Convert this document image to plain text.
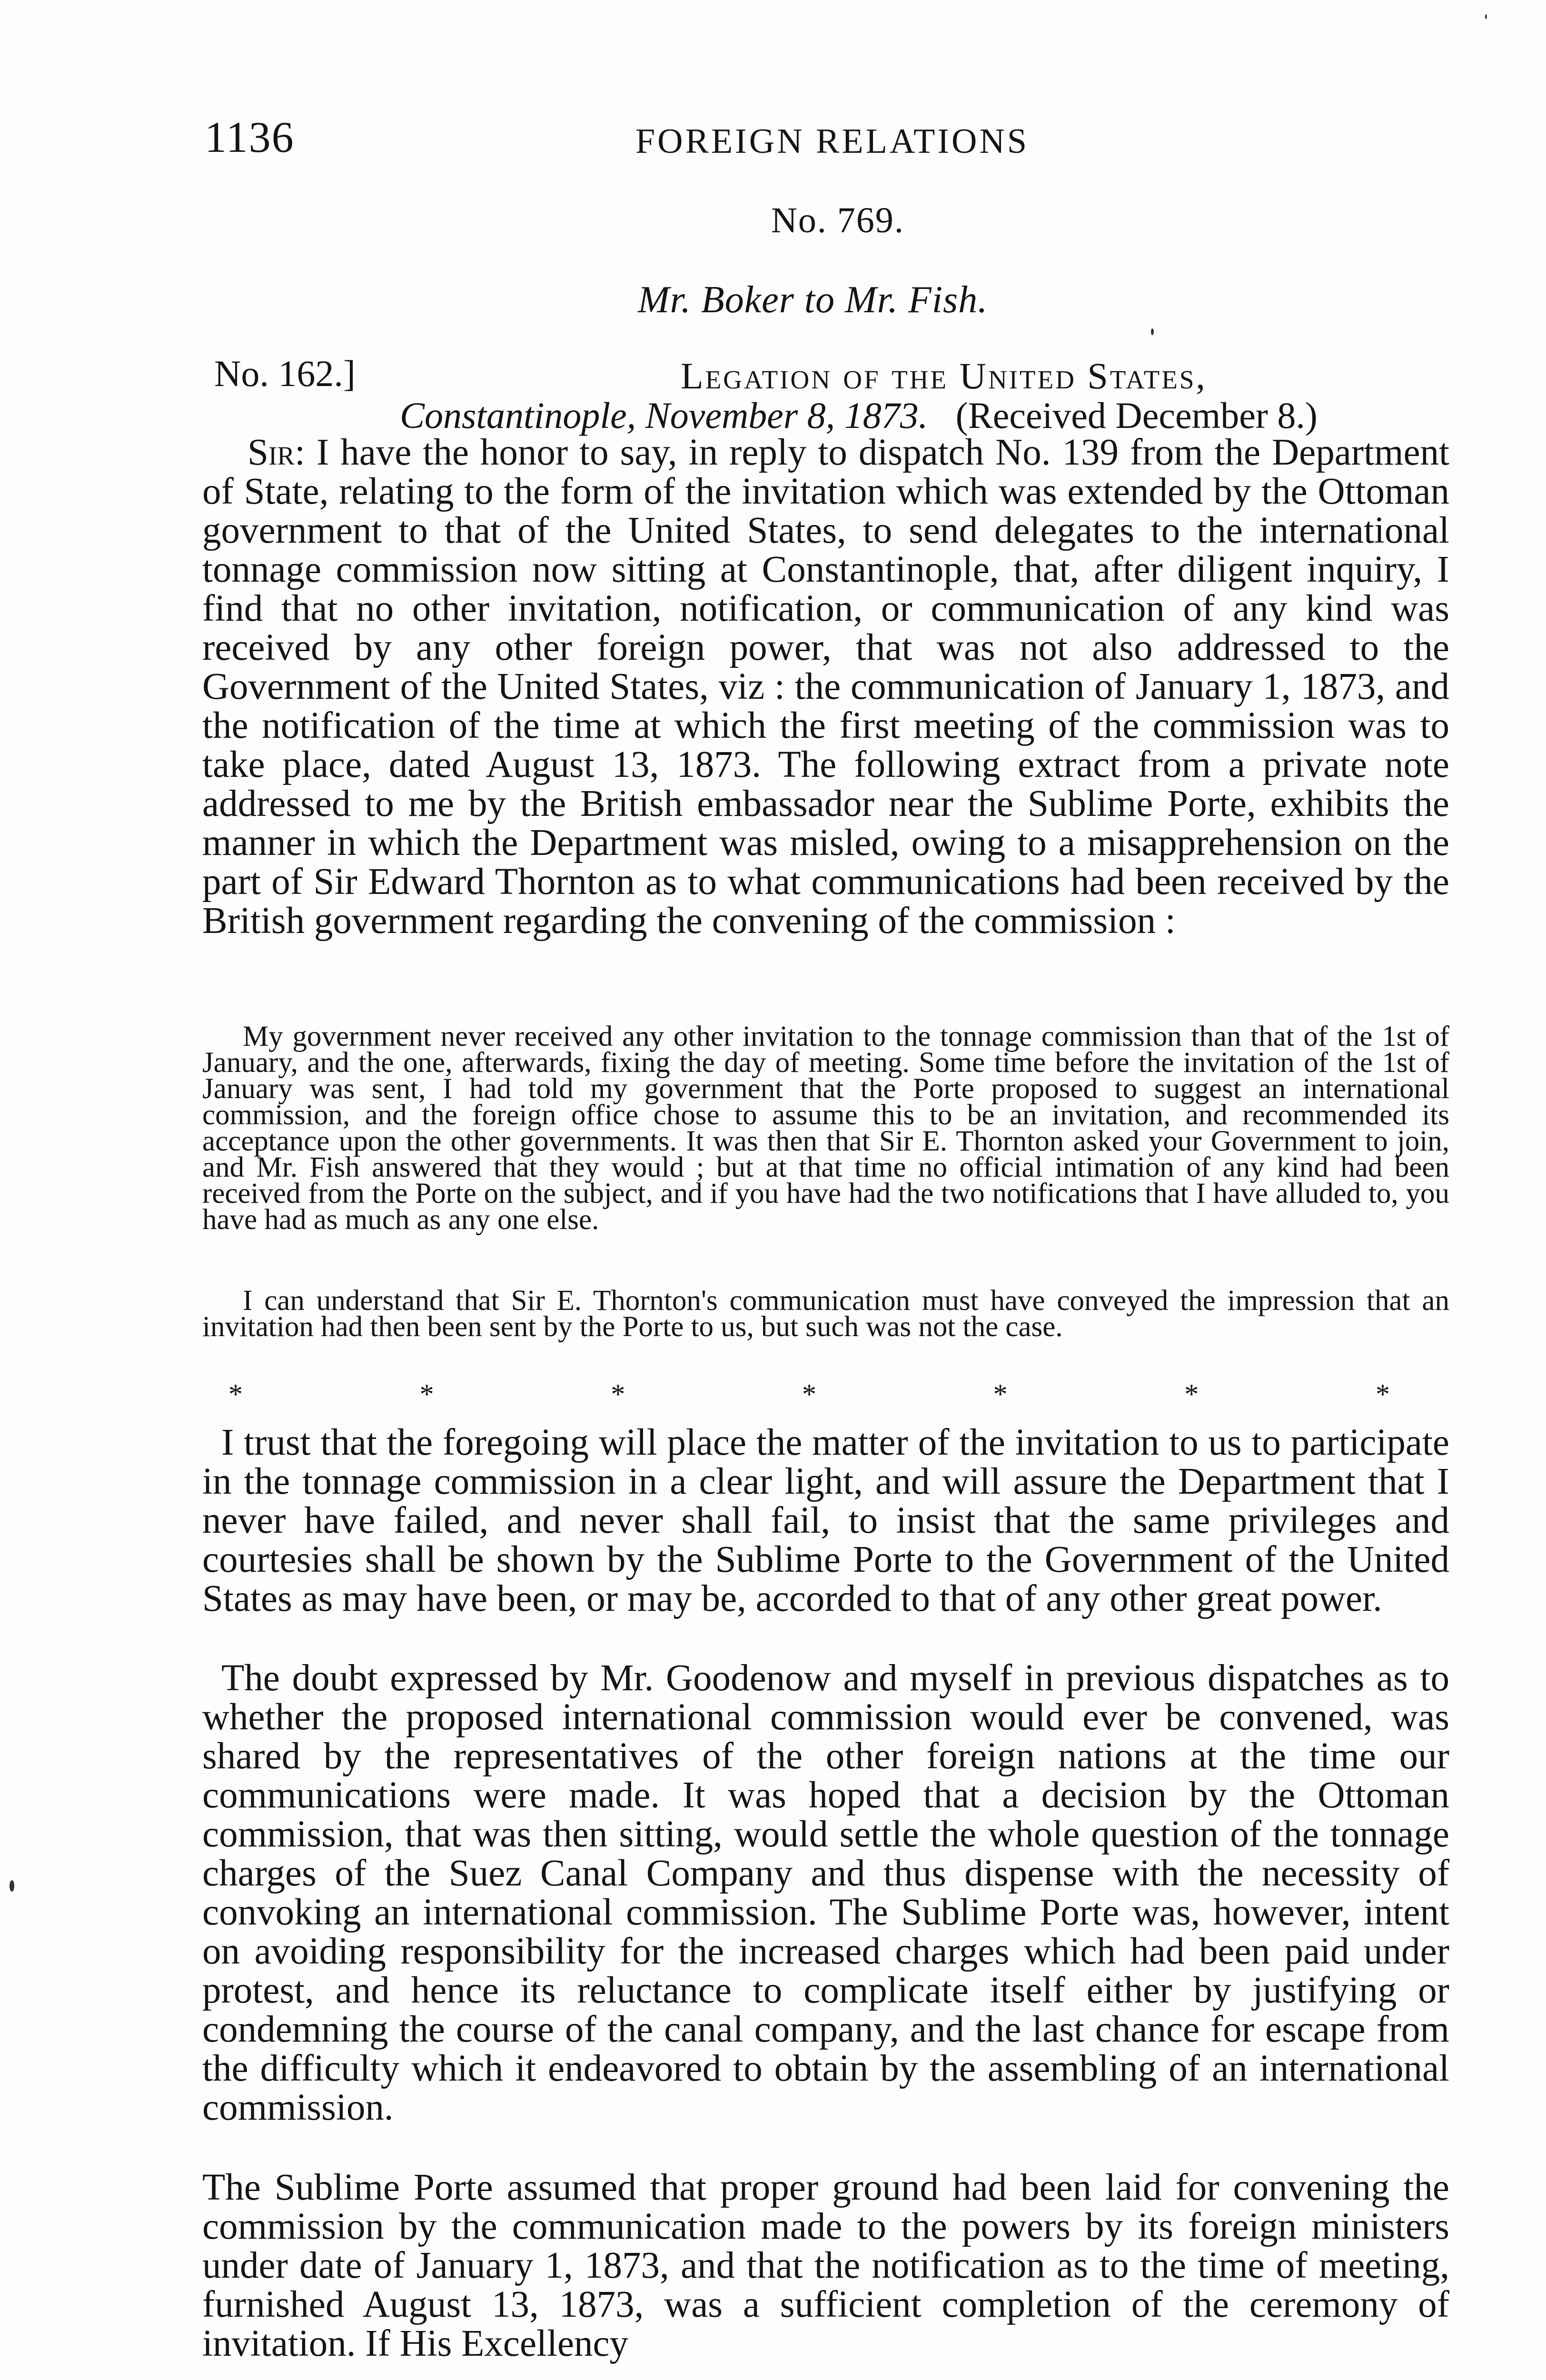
1136	FOREIGN RELATIONS
No. 769.
Mr. Boker to Mr. Fish.
No. 162.]	Legation of the United States,
Constantinople, November 8, 1873. (Received December 8.)

Sir: I have the honor to say, in reply to dispatch No. 139 from the Department of State, relating to the form of the invitation which was extended by the Ottoman government to that of the United States, to send delegates to the international tonnage commission now sitting at Constantinople, that, after diligent inquiry, I find that no other invitation, notification, or communication of any kind was received by any other foreign power, that was not also addressed to the Government of the United States, viz : the communication of January 1, 1873, and the notification of the time at which the first meeting of the commission was to take place, dated August 13, 1873. The following extract from a private note addressed to me by the British embassador near the Sublime Porte, exhibits the manner in which the Department was misled, owing to a misapprehension on the part of Sir Edward Thornton as to what communications had been received by the British government regarding the convening of the commission :

My government never received any other invitation to the tonnage commission than that of the 1st of January, and the one, afterwards, fixing the day of meeting. Some time before the invitation of the 1st of January was sent, I had told my government that the Porte proposed to suggest an international commission, and the foreign office chose to assume this to be an invitation, and recommended its acceptance upon the other governments. It was then that Sir E. Thornton asked your Government to join, and Mr. Fish answered that they would ; but at that time no official intimation of any kind had been received from the Porte on the subject, and if you have had the two notifications that I have alluded to, you have had as much as any one else.

I can understand that Sir E. Thornton's communication must have conveyed the impression that an invitation had then been sent by the Porte to us, but such was not the case.

*	*	*	*	*	*	*

I trust that the foregoing will place the matter of the invitation to us to participate in the tonnage commission in a clear light, and will assure the Department that I never have failed, and never shall fail, to insist that the same privileges and courtesies shall be shown by the Sublime Porte to the Government of the United States as may have been, or may be, accorded to that of any other great power.

The doubt expressed by Mr. Goodenow and myself in previous dispatches as to whether the proposed international commission would ever be convened, was shared by the representatives of the other foreign nations at the time our communications were made. It was hoped that a decision by the Ottoman commission, that was then sitting, would settle the whole question of the tonnage charges of the Suez Canal Company and thus dispense with the necessity of convoking an international commission. The Sublime Porte was, however, intent on avoiding responsibility for the increased charges which had been paid under protest, and hence its reluctance to complicate itself either by justifying or condemning the course of the canal company, and the last chance for escape from the difficulty which it endeavored to obtain by the assembling of an international commission.

The Sublime Porte assumed that proper ground had been laid for convening the commission by the communication made to the powers by its foreign ministers under date of January 1, 1873, and that the notification as to the time of meeting, furnished August 13, 1873, was a sufficient completion of the ceremony of invitation. If His Excellency
